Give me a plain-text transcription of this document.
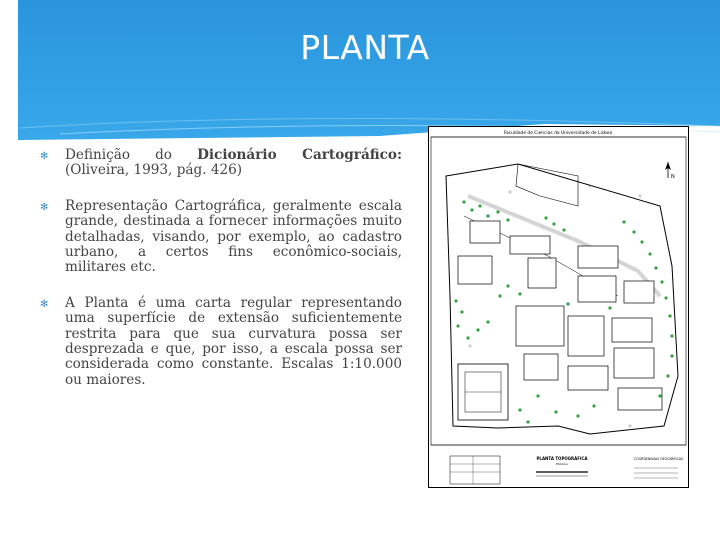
PLANTA
✻ Definição do Dicionário Cartográfico: (Oliveira, 1993, pág. 426)
✻ Representação Cartográfica, geralmente escala grande, destinada a fornecer informações muito detalhadas, visando, por exemplo, ao cadastro urbano, a certos fins econômico-sociais, militares etc.
✻ A Planta é uma carta regular representando uma superfície de extensão suficientemente restrita para que sua curvatura possa ser desprezada e que, por isso, a escala possa ser considerada como constante. Escalas 1:10.000 ou maiores.
Faculdade de Ciencias da Universidade de Lisboa
N
PLANTA TOPOGRÁFICA
ESCALA
COORDENADAS GEOGRÁFICAS
